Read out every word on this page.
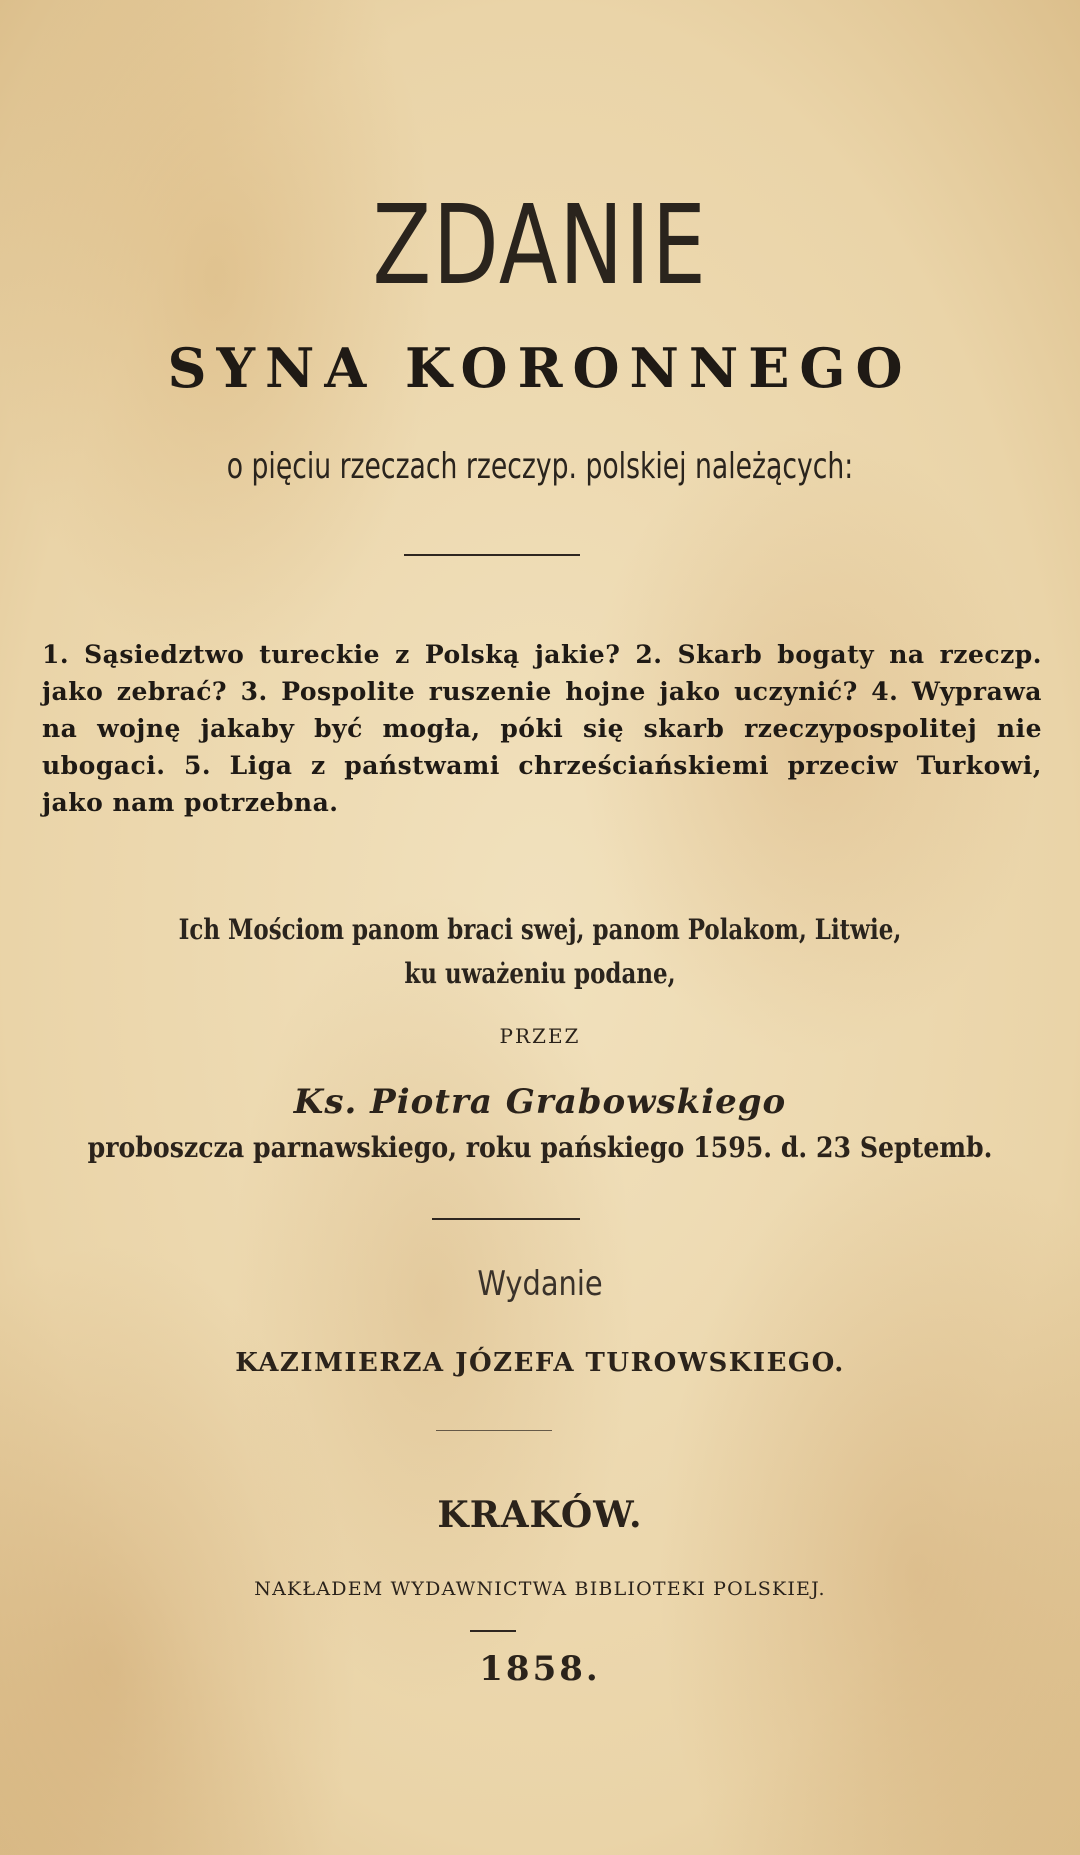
ZDANIE
SYNA KORONNEGO
o pięciu rzeczach rzeczyp. polskiej należących:
1. Sąsiedztwo tureckie z Polską jakie? 2. Skarb bogaty na rzeczp. jako zebrać? 3. Pospolite ruszenie hojne jako uczynić? 4. Wyprawa na wojnę jakaby być mogła, póki się skarb rzeczypospolitej nie ubogaci. 5. Liga z państwami chrześciańskiemi przeciw Turkowi, jako nam potrzebna.
Ich Mościom panom braci swej, panom Polakom, Litwie,
ku uważeniu podane,
PRZEZ
Ks. Piotra Grabowskiego
proboszcza parnawskiego, roku pańskiego 1595. d. 23 Septemb.
Wydanie
KAZIMIERZA JÓZEFA TUROWSKIEGO.
KRAKÓW.
NAKŁADEM WYDAWNICTWA BIBLIOTEKI POLSKIEJ.
1858.
